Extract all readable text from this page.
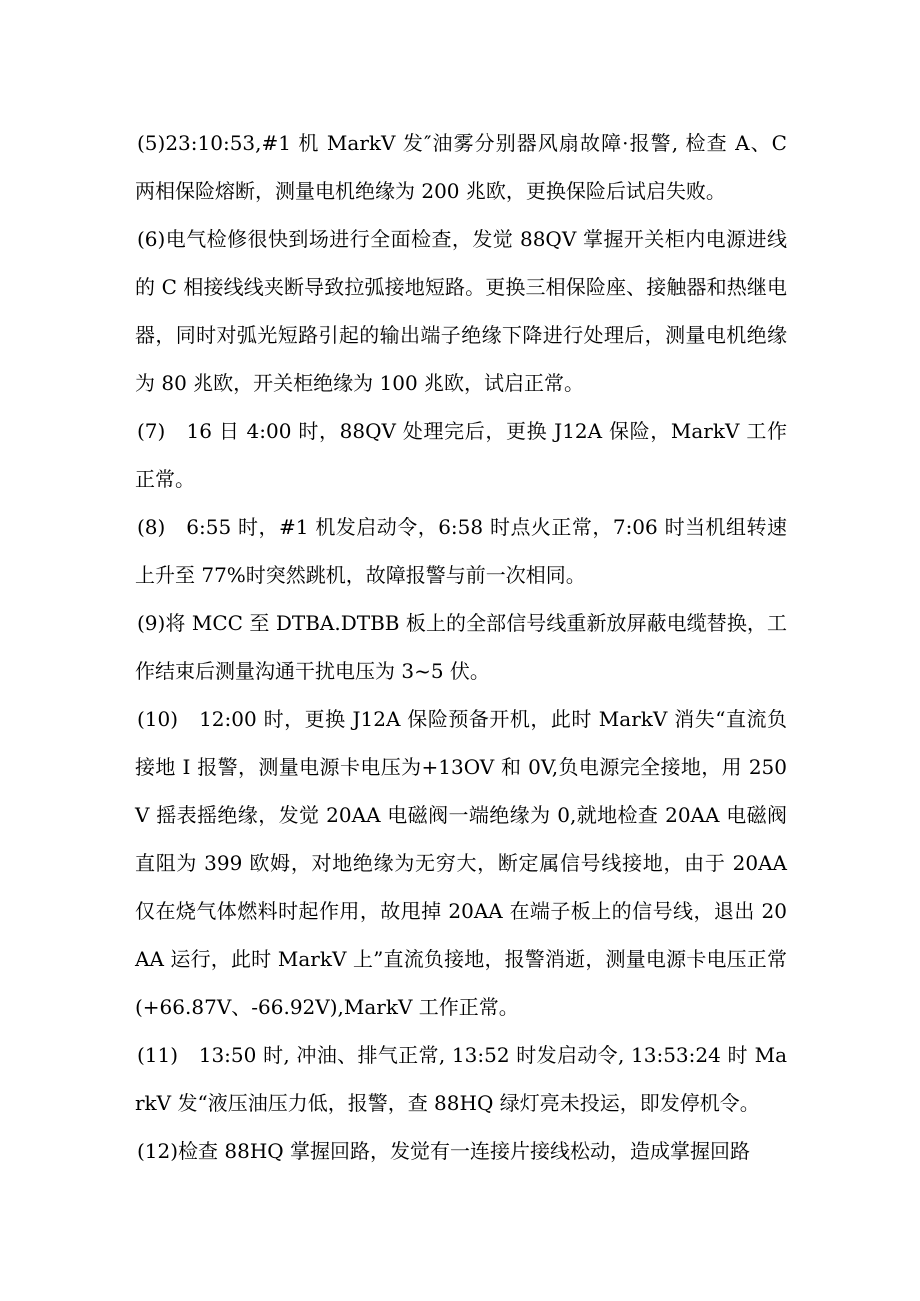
(5)23:10:53,#1 机 MarkV 发″油雾分别器风扇故障·报警, 检查 A、C 两相保险熔断，测量电机绝缘为 200 兆欧，更换保险后试启失败。

(6)电气检修很快到场进行全面检查，发觉 88QV 掌握开关柜内电源进线的 C 相接线线夹断导致拉弧接地短路。更换三相保险座、接触器和热继电器，同时对弧光短路引起的输出端子绝缘下降进行处理后，测量电机绝缘为 80 兆欧，开关柜绝缘为 100 兆欧，试启正常。

(7)　16 日 4:00 时，88QV 处理完后，更换 J12A 保险，MarkV 工作正常。

(8)　6:55 时，#1 机发启动令，6:58 时点火正常，7:06 时当机组转速上升至 77%时突然跳机，故障报警与前一次相同。

(9)将 MCC 至 DTBA.DTBB 板上的全部信号线重新放屏蔽电缆替换，工作结束后测量沟通干扰电压为 3~5 伏。

(10)　12:00 时，更换 J12A 保险预备开机，此时 MarkV 消失“直流负接地 I 报警，测量电源卡电压为+13OV 和 0V,负电源完全接地，用 250V 摇表摇绝缘，发觉 20AA 电磁阀一端绝缘为 0,就地检查 20AA 电磁阀直阻为 399 欧姆，对地绝缘为无穷大，断定属信号线接地，由于 20AA 仅在烧气体燃料时起作用，故甩掉 20AA 在端子板上的信号线，退出 20AA 运行，此时 MarkV 上”直流负接地，报警消逝，测量电源卡电压正常(+66.87V、-66.92V),MarkV 工作正常。

(11)　13:50 时, 冲油、排气正常, 13:52 时发启动令, 13:53:24 时 MarkV 发“液压油压力低，报警，查 88HQ 绿灯亮未投运，即发停机令。

(12)检查 88HQ 掌握回路，发觉有一连接片接线松动，造成掌握回路
